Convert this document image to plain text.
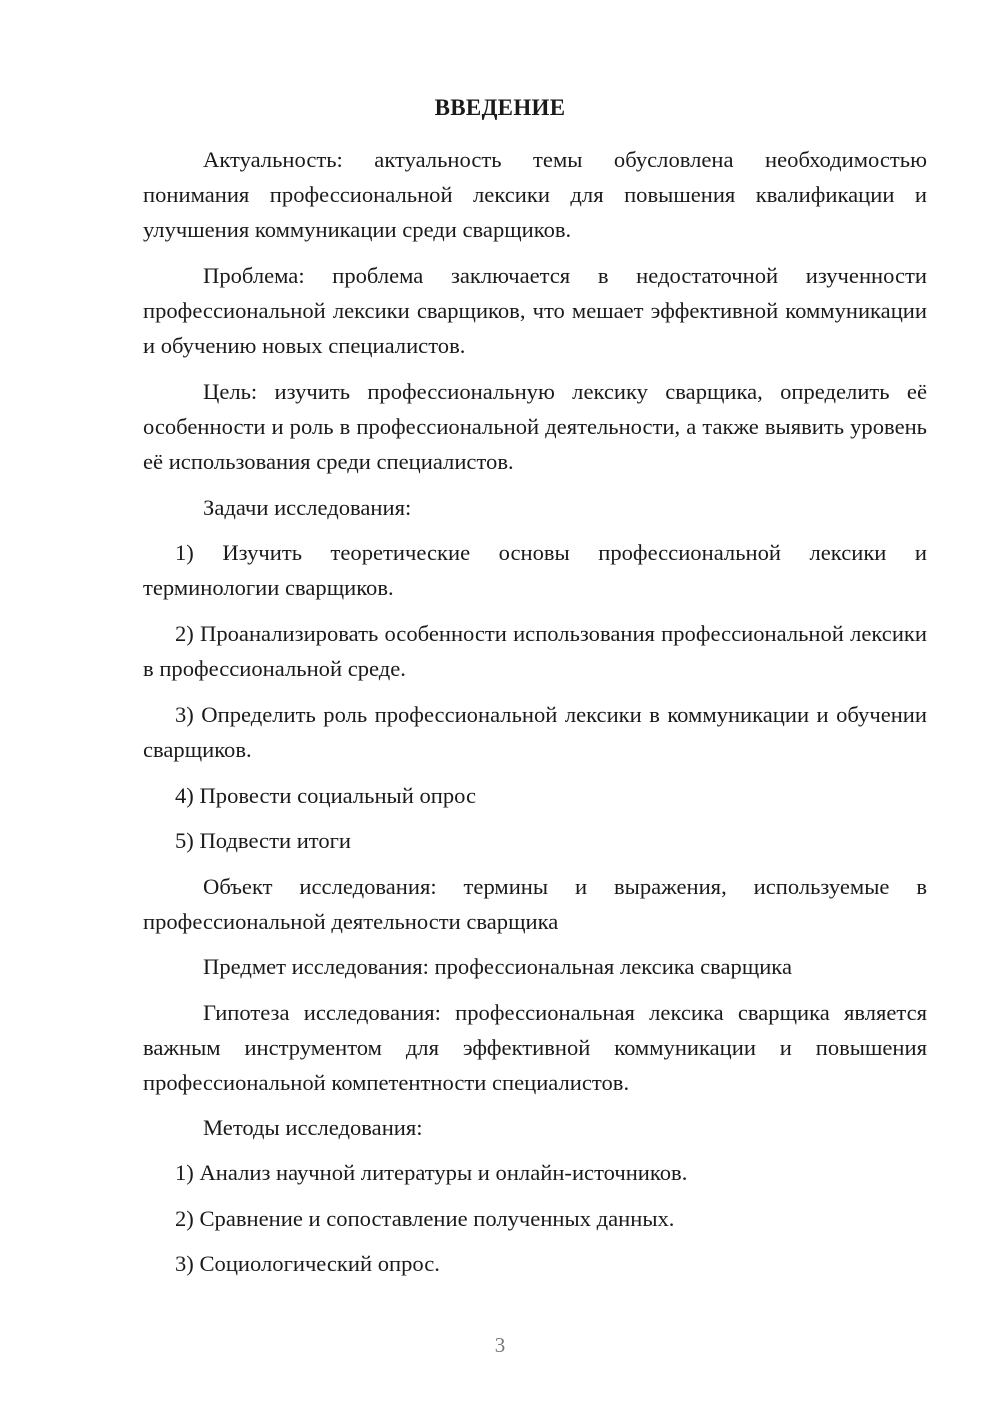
ВВЕДЕНИЕ
Актуальность: актуальность темы обусловлена необходимостью понимания профессиональной лексики для повышения квалификации и улучшения коммуникации среди сварщиков.
Проблема: проблема заключается в недостаточной изученности профессиональной лексики сварщиков, что мешает эффективной коммуникации и обучению новых специалистов.
Цель: изучить профессиональную лексику сварщика, определить её особенности и роль в профессиональной деятельности, а также выявить уровень её использования среди специалистов.
Задачи исследования:
1) Изучить теоретические основы профессиональной лексики и терминологии сварщиков.
2) Проанализировать особенности использования профессиональной лексики в профессиональной среде.
3) Определить роль профессиональной лексики в коммуникации и обучении сварщиков.
4) Провести социальный опрос
5) Подвести итоги
Объект исследования: термины и выражения, используемые в профессиональной деятельности сварщика
Предмет исследования: профессиональная лексика сварщика
Гипотеза исследования: профессиональная лексика сварщика является важным инструментом для эффективной коммуникации и повышения профессиональной компетентности специалистов.
Методы исследования:
1) Анализ научной литературы и онлайн-источников.
2) Сравнение и сопоставление полученных данных.
3) Социологический опрос.
3
